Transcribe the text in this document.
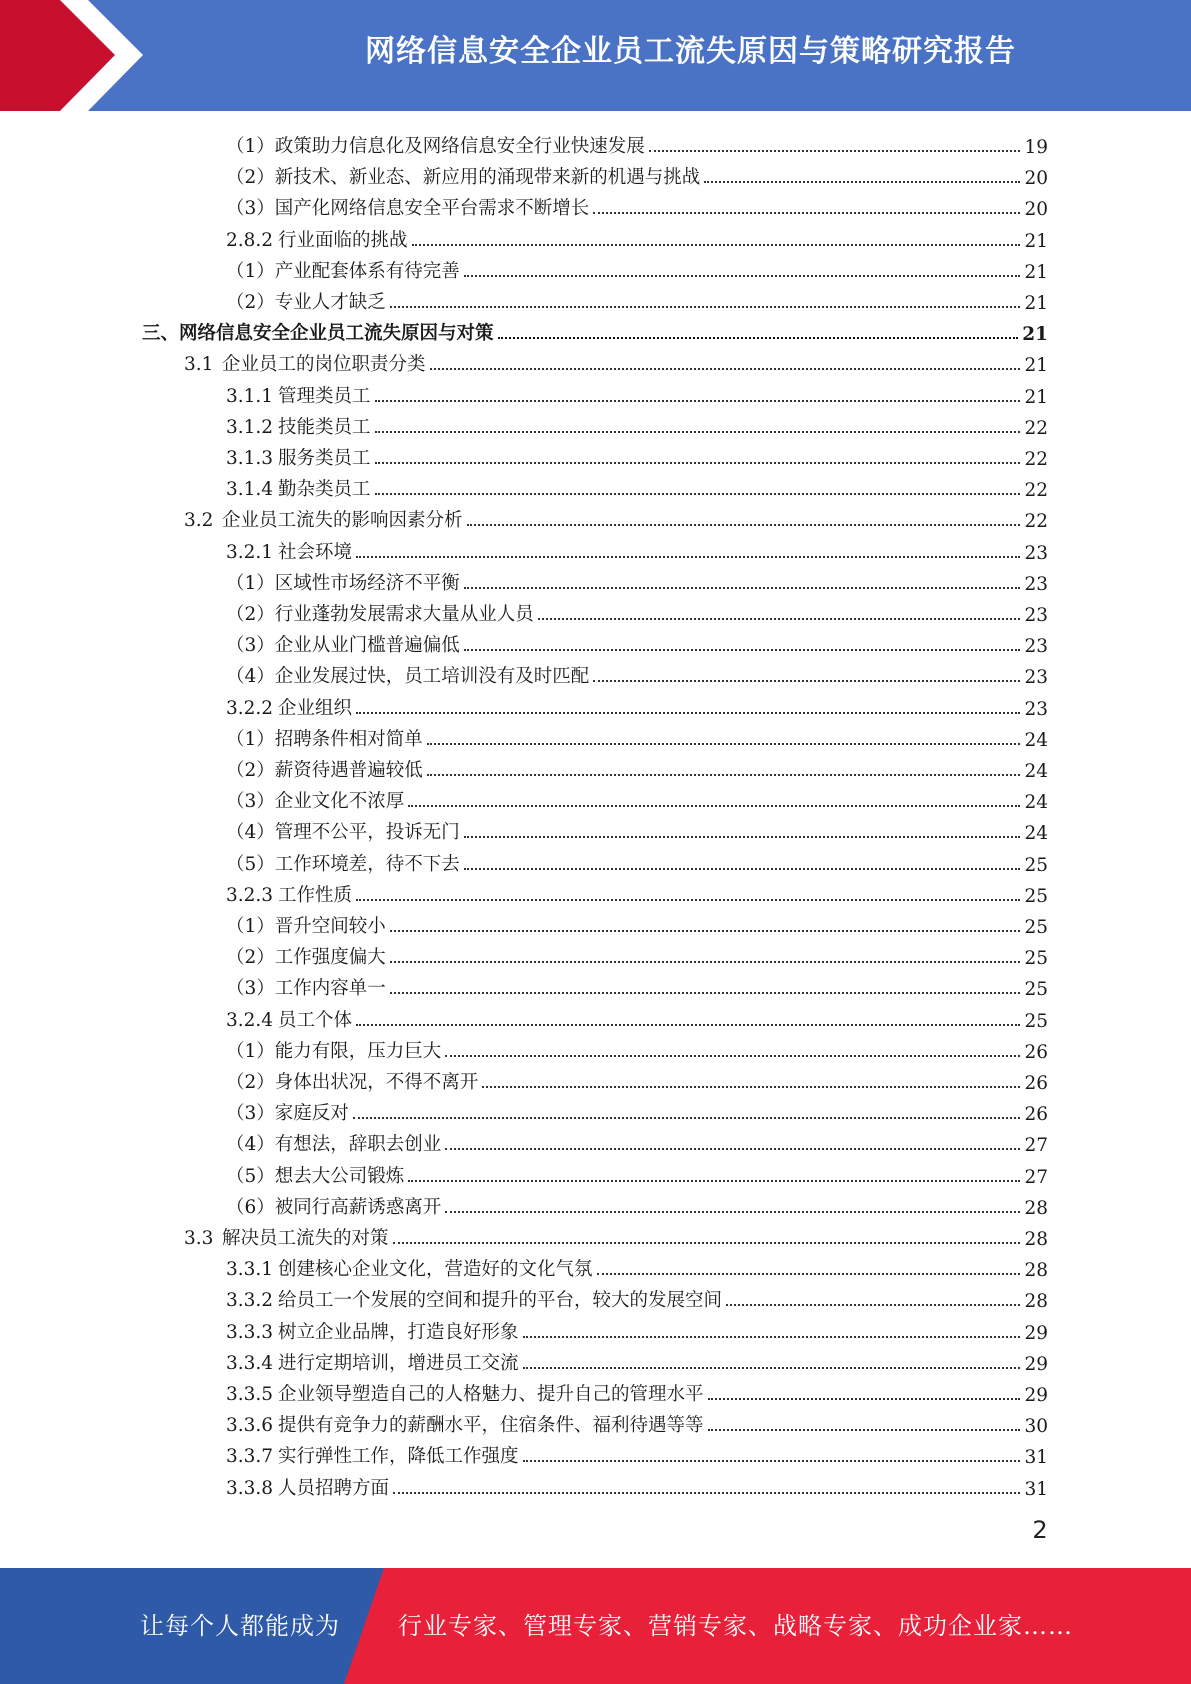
网络信息安全企业员工流失原因与策略研究报告
（1）政策助力信息化及网络信息安全行业快速发展	19
（2）新技术、新业态、新应用的涌现带来新的机遇与挑战	20
（3）国产化网络信息安全平台需求不断增长	20
2.8.2 行业面临的挑战	21
（1）产业配套体系有待完善	21
（2）专业人才缺乏	21
三、网络信息安全企业员工流失原因与对策	21
3.1 企业员工的岗位职责分类	21
3.1.1 管理类员工	21
3.1.2 技能类员工	22
3.1.3 服务类员工	22
3.1.4 勤杂类员工	22
3.2 企业员工流失的影响因素分析	22
3.2.1 社会环境	23
（1）区域性市场经济不平衡	23
（2）行业蓬勃发展需求大量从业人员	23
（3）企业从业门槛普遍偏低	23
（4）企业发展过快，员工培训没有及时匹配	23
3.2.2 企业组织	23
（1）招聘条件相对简单	24
（2）薪资待遇普遍较低	24
（3）企业文化不浓厚	24
（4）管理不公平，投诉无门	24
（5）工作环境差，待不下去	25
3.2.3 工作性质	25
（1）晋升空间较小	25
（2）工作强度偏大	25
（3）工作内容单一	25
3.2.4 员工个体	25
（1）能力有限，压力巨大	26
（2）身体出状况，不得不离开	26
（3）家庭反对	26
（4）有想法，辞职去创业	27
（5）想去大公司锻炼	27
（6）被同行高薪诱惑离开	28
3.3 解决员工流失的对策	28
3.3.1 创建核心企业文化，营造好的文化气氛	28
3.3.2 给员工一个发展的空间和提升的平台，较大的发展空间	28
3.3.3 树立企业品牌，打造良好形象	29
3.3.4 进行定期培训，增进员工交流	29
3.3.5 企业领导塑造自己的人格魅力、提升自己的管理水平	29
3.3.6 提供有竞争力的薪酬水平，住宿条件、福利待遇等等	30
3.3.7 实行弹性工作，降低工作强度	31
3.3.8 人员招聘方面	31
2
让每个人都能成为 行业专家、管理专家、营销专家、战略专家、成功企业家……
